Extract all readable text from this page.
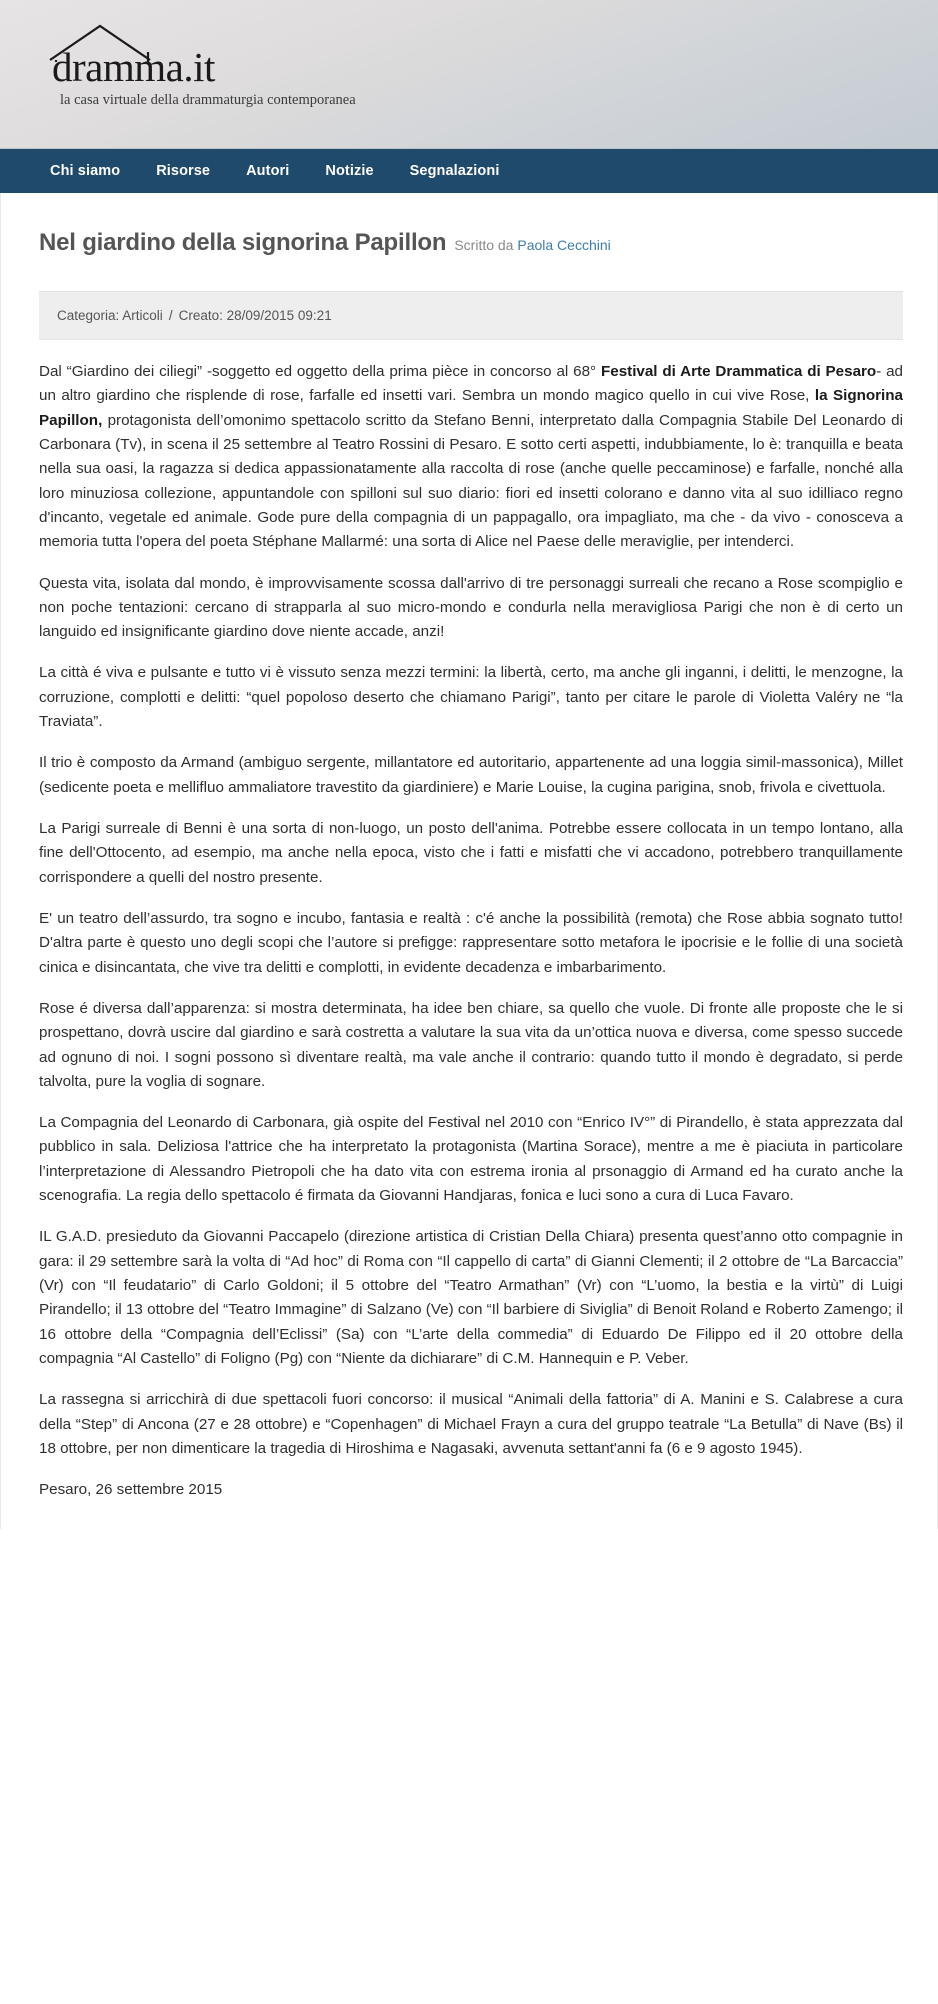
dramma.it
la casa virtuale della drammaturgia contemporanea
Chi siamo Risorse Autori Notizie Segnalazioni
Nel giardino della signorina Papillon Scritto da Paola Cecchini
Categoria: Articoli / Creato: 28/09/2015 09:21

Dal “Giardino dei ciliegi” -soggetto ed oggetto della prima pièce in concorso al 68° Festival di Arte Drammatica di Pesaro- ad un altro giardino che risplende di rose, farfalle ed insetti vari. Sembra un mondo magico quello in cui vive Rose, la Signorina Papillon, protagonista dell’omonimo spettacolo scritto da Stefano Benni, interpretato dalla Compagnia Stabile Del Leonardo di Carbonara (Tv), in scena il 25 settembre al Teatro Rossini di Pesaro. E sotto certi aspetti, indubbiamente, lo è: tranquilla e beata nella sua oasi, la ragazza si dedica appassionatamente alla raccolta di rose (anche quelle peccaminose) e farfalle, nonché alla loro minuziosa collezione, appuntandole con spilloni sul suo diario: fiori ed insetti colorano e danno vita al suo idilliaco regno d'incanto, vegetale ed animale. Gode pure della compagnia di un pappagallo, ora impagliato, ma che - da vivo - conosceva a memoria tutta l'opera del poeta Stéphane Mallarmé: una sorta di Alice nel Paese delle meraviglie, per intenderci.

Questa vita, isolata dal mondo, è improvvisamente scossa dall'arrivo di tre personaggi surreali che recano a Rose scompiglio e non poche tentazioni: cercano di strapparla al suo micro-mondo e condurla nella meravigliosa Parigi che non è di certo un languido ed insignificante giardino dove niente accade, anzi!

La città é viva e pulsante e tutto vi è vissuto senza mezzi termini: la libertà, certo, ma anche gli inganni, i delitti, le menzogne, la corruzione, complotti e delitti: “quel popoloso deserto che chiamano Parigi”, tanto per citare le parole di Violetta Valéry ne “la Traviata”.

Il trio è composto da Armand (ambiguo sergente, millantatore ed autoritario, appartenente ad una loggia simil-massonica), Millet (sedicente poeta e mellifluo ammaliatore travestito da giardiniere) e Marie Louise, la cugina parigina, snob, frivola e civettuola.

La Parigi surreale di Benni è una sorta di non-luogo, un posto dell'anima. Potrebbe essere collocata in un tempo lontano, alla fine dell'Ottocento, ad esempio, ma anche nella epoca, visto che i fatti e misfatti che vi accadono, potrebbero tranquillamente corrispondere a quelli del nostro presente.

E' un teatro dell’assurdo, tra sogno e incubo, fantasia e realtà : c'é anche la possibilità (remota) che Rose abbia sognato tutto! D'altra parte è questo uno degli scopi che l’autore si prefigge: rappresentare sotto metafora le ipocrisie e le follie di una società cinica e disincantata, che vive tra delitti e complotti, in evidente decadenza e imbarbarimento.

Rose é diversa dall’apparenza: si mostra determinata, ha idee ben chiare, sa quello che vuole. Di fronte alle proposte che le si prospettano, dovrà uscire dal giardino e sarà costretta a valutare la sua vita da un’ottica nuova e diversa, come spesso succede ad ognuno di noi. I sogni possono sì diventare realtà, ma vale anche il contrario: quando tutto il mondo è degradato, si perde talvolta, pure la voglia di sognare.

La Compagnia del Leonardo di Carbonara, già ospite del Festival nel 2010 con “Enrico IV°” di Pirandello, è stata apprezzata dal pubblico in sala. Deliziosa l'attrice che ha interpretato la protagonista (Martina Sorace), mentre a me è piaciuta in particolare l’interpretazione di Alessandro Pietropoli che ha dato vita con estrema ironia al prsonaggio di Armand ed ha curato anche la scenografia. La regia dello spettacolo é firmata da Giovanni Handjaras, fonica e luci sono a cura di Luca Favaro.

IL G.A.D. presieduto da Giovanni Paccapelo (direzione artistica di Cristian Della Chiara) presenta quest’anno otto compagnie in gara: il 29 settembre sarà la volta di “Ad hoc” di Roma con “Il cappello di carta” di Gianni Clementi; il 2 ottobre de “La Barcaccia” (Vr) con “Il feudatario” di Carlo Goldoni; il 5 ottobre del “Teatro Armathan” (Vr) con “L’uomo, la bestia e la virtù” di Luigi Pirandello; il 13 ottobre del “Teatro Immagine” di Salzano (Ve) con “Il barbiere di Siviglia” di Benoit Roland e Roberto Zamengo; il 16 ottobre della “Compagnia dell’Eclissi” (Sa) con “L’arte della commedia” di Eduardo De Filippo ed il 20 ottobre della compagnia “Al Castello” di Foligno (Pg) con “Niente da dichiarare” di C.M. Hannequin e P. Veber.

La rassegna si arricchirà di due spettacoli fuori concorso: il musical “Animali della fattoria” di A. Manini e S. Calabrese a cura della “Step” di Ancona (27 e 28 ottobre) e “Copenhagen” di Michael Frayn a cura del gruppo teatrale “La Betulla” di Nave (Bs) il 18 ottobre, per non dimenticare la tragedia di Hiroshima e Nagasaki, avvenuta settant'anni fa (6 e 9 agosto 1945).

Pesaro, 26 settembre 2015
